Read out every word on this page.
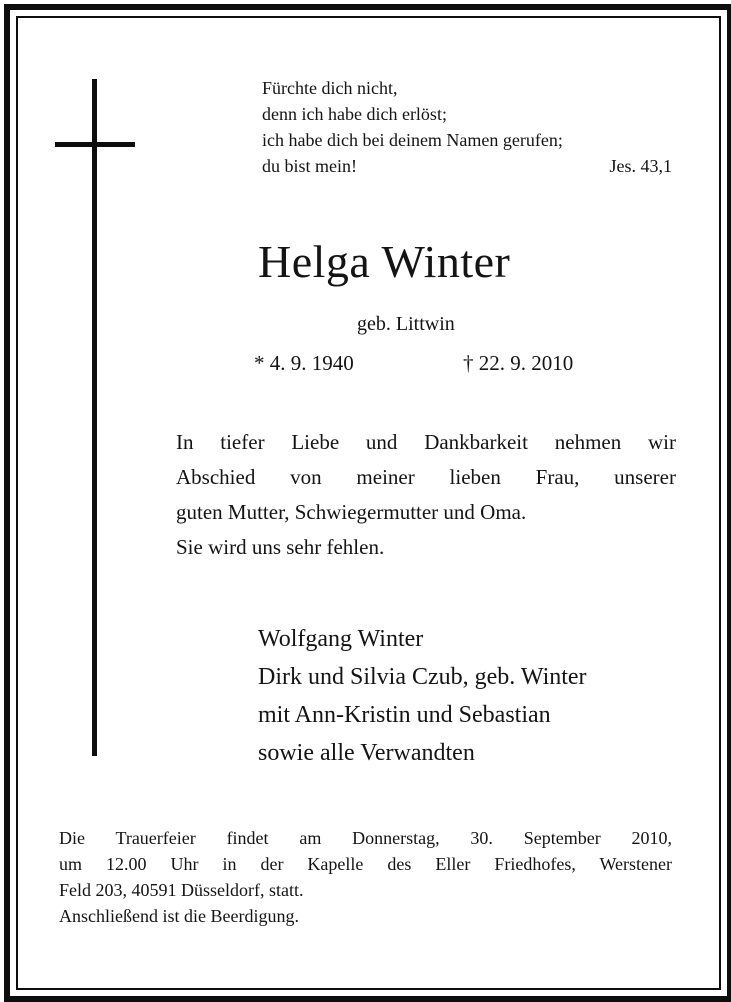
Fürchte dich nicht,
denn ich habe dich erlöst;
ich habe dich bei deinem Namen gerufen;
du bist mein!	Jes. 43,1
Helga Winter
geb. Littwin
* 4. 9. 1940	† 22. 9. 2010
In tiefer Liebe und Dankbarkeit nehmen wir
Abschied von meiner lieben Frau, unserer
guten Mutter, Schwiegermutter und Oma.
Sie wird uns sehr fehlen.
Wolfgang Winter
Dirk und Silvia Czub, geb. Winter
mit Ann-Kristin und Sebastian
sowie alle Verwandten
Die Trauerfeier findet am Donnerstag, 30. September 2010,
um 12.00 Uhr in der Kapelle des Eller Friedhofes, Werstener
Feld 203, 40591 Düsseldorf, statt.
Anschließend ist die Beerdigung.
